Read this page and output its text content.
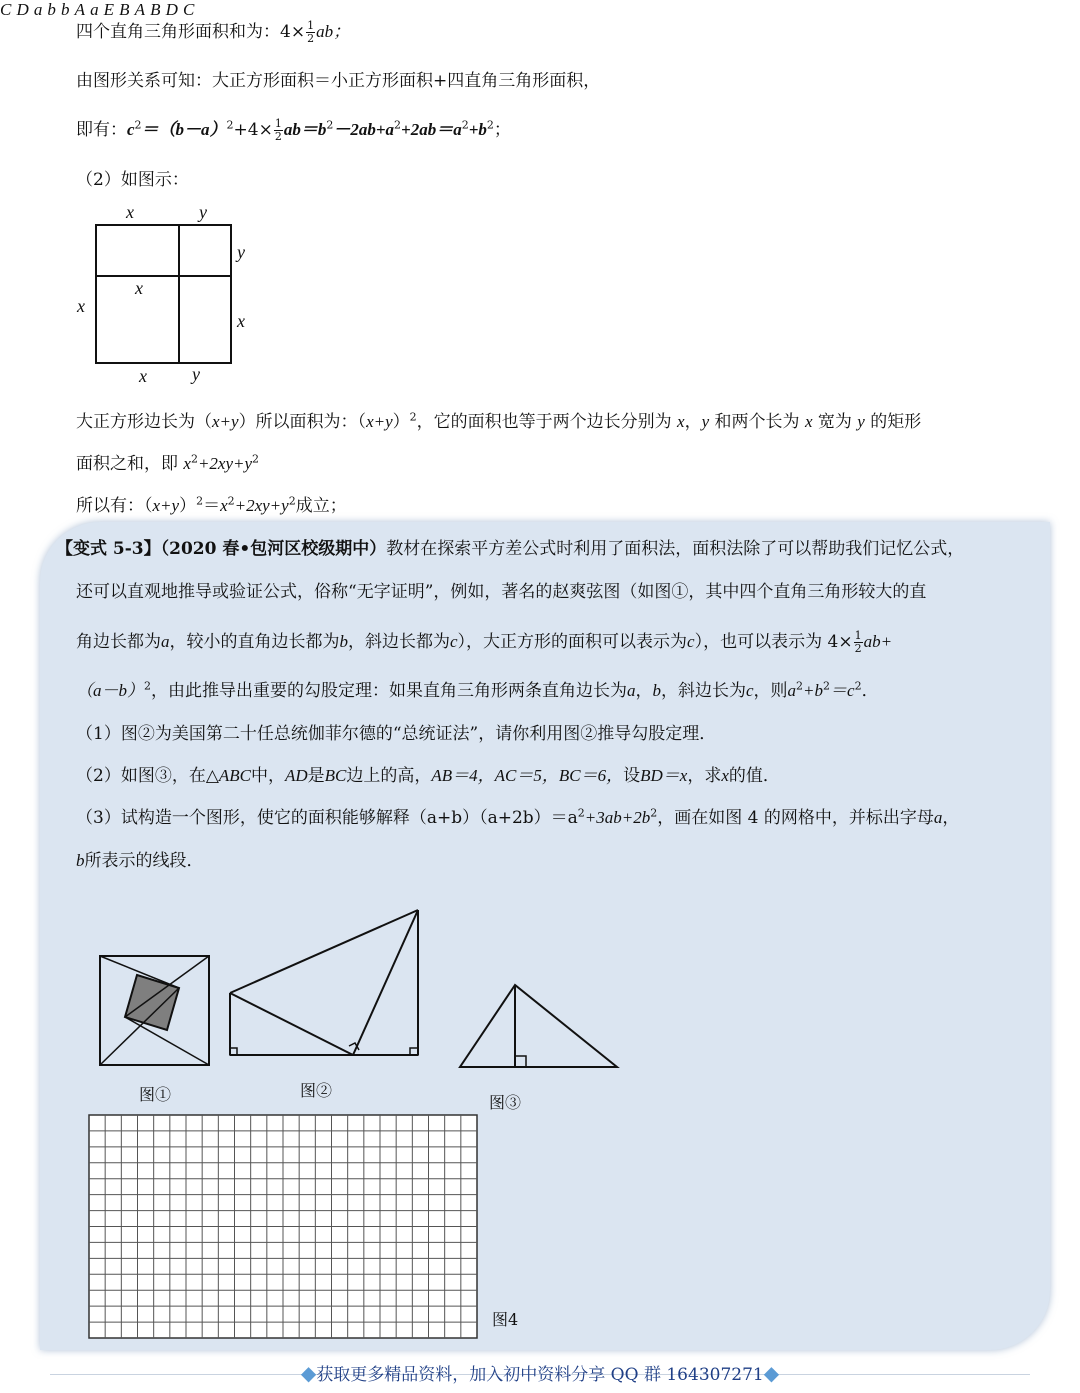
四个直角三角形面积和为：$4\times \frac{1}{2}$ ab；
由图形关系可知：大正方形面积＝小正方形面积+四直角三角形面积，
即有：$c^2=(b-a)^2+4\times \frac{1}{2} ab=b^2-2ab+a^2+2ab=a^2+b^2$；
（2）如图示：
x	y
y
x
x
x
x	y
大正方形边长为（x+y）所以面积为：$(x+y)^2$，它的面积也等于两个边长分别为 x，y 和两个长为 x 宽为 y 的矩形
面积之和，即 $x^2+2xy+y^2$
所以有：$(x+y)^2=x^2+2xy+y^2$成立；
【变式 5-3】（2020 春•包河区校级期中）教材在探索平方差公式时利用了面积法，面积法除了可以帮助我们记忆公式，
还可以直观地推导或验证公式，俗称“无字证明”，例如，著名的赵爽弦图（如图①，其中四个直角三角形较大的直
角边长都为a，较小的直角边长都为b，斜边长都为c），大正方形的面积可以表示为c），也可以表示为 $4\times \frac{1}{2} ab+$
$(a-b)^2$，由此推导出重要的勾股定理：如果直角三角形两条直角边长为a，b，斜边长为c，则$a^2+b^2=c^2$．
（1）图②为美国第二十任总统伽菲尔德的“总统证法”，请你利用图②推导勾股定理．
（2）如图③，在△ABC中，AD是BC边上的高，AB＝4，AC＝5，BC＝6，设BD＝x，求x的值．
（3）试构造一个图形，使它的面积能够解释$(a+b)(a+2b)=a^2+3ab+2b^2$，画在如图 4 的网格中，并标出字母a，
b所表示的线段．
图①
C D a b b A a E B
图②
A B D C
图③
图4
◆获取更多精品资料，加入初中资料分享 QQ 群 164307271◆
